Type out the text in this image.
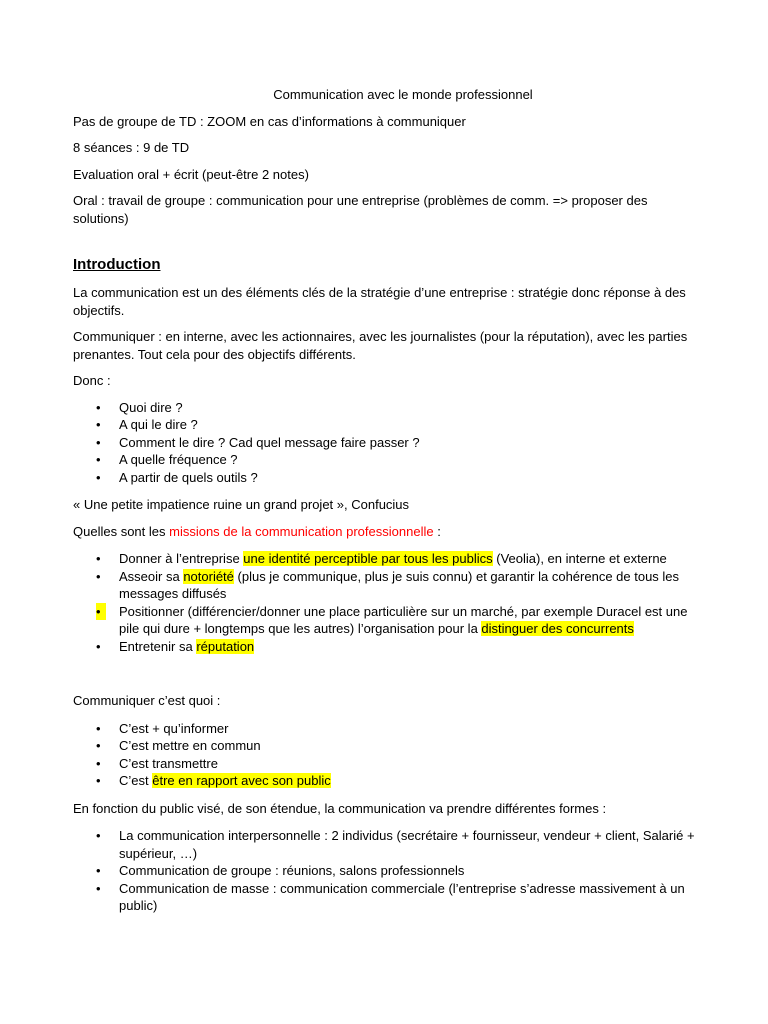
Communication avec le monde professionnel

Pas de groupe de TD : ZOOM en cas d’informations à communiquer

8 séances : 9 de TD

Evaluation oral + écrit (peut-être 2 notes)

Oral : travail de groupe : communication pour une entreprise (problèmes de comm. => proposer des solutions)

Introduction

La communication est un des éléments clés de la stratégie d’une entreprise : stratégie donc réponse à des objectifs.

Communiquer : en interne, avec les actionnaires, avec les journalistes (pour la réputation), avec les parties prenantes. Tout cela pour des objectifs différents.

Donc :

•	Quoi dire ?
•	A qui le dire ?
•	Comment le dire ? Cad quel message faire passer ?
•	A quelle fréquence ?
•	A partir de quels outils ?

« Une petite impatience ruine un grand projet », Confucius

Quelles sont les missions de la communication professionnelle :

•	Donner à l’entreprise une identité perceptible par tous les publics (Veolia), en interne et externe
•	Asseoir sa notoriété (plus je communique, plus je suis connu) et garantir la cohérence de tous les messages diffusés
•	Positionner (différencier/donner une place particulière sur un marché, par exemple Duracel est une pile qui dure + longtemps que les autres) l’organisation pour la distinguer des concurrents
•	Entretenir sa réputation

Communiquer c’est quoi :

•	C’est + qu’informer
•	C’est mettre en commun
•	C’est transmettre
•	C’est être en rapport avec son public

En fonction du public visé, de son étendue, la communication va prendre différentes formes :

•	La communication interpersonnelle : 2 individus (secrétaire + fournisseur, vendeur + client, Salarié + supérieur, …)
•	Communication de groupe : réunions, salons professionnels
•	Communication de masse : communication commerciale (l’entreprise s’adresse massivement à un public)
